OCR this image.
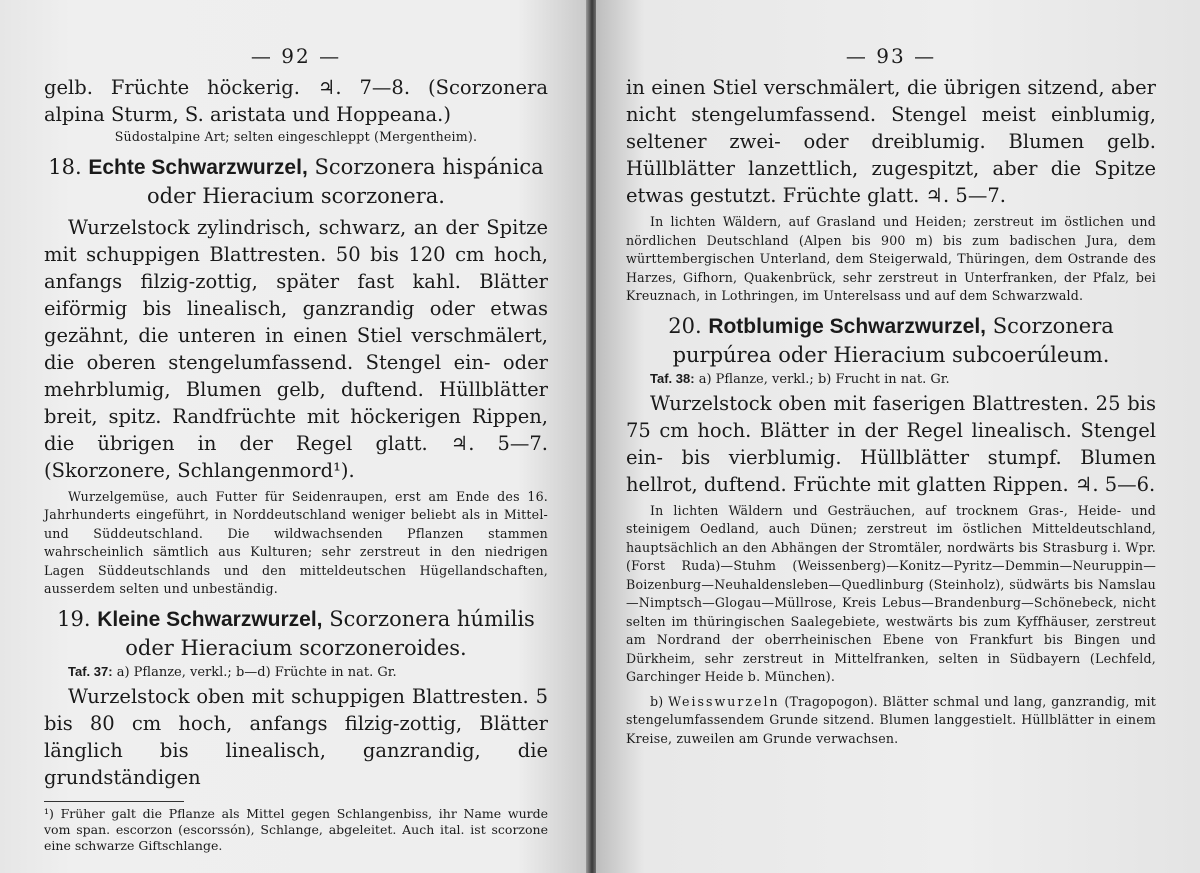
— 92 —

gelb. Früchte höckerig. ♃. 7—8. (Scorzonera alpina Sturm, S. aristata und Hoppeana.)

Südostalpine Art; selten eingeschleppt (Mergentheim).

18. Echte Schwarzwurzel, Scorzonera hispánica oder Hieracium scorzonera.

Wurzelstock zylindrisch, schwarz, an der Spitze mit schuppigen Blattresten. 50 bis 120 cm hoch, anfangs filzig-zottig, später fast kahl. Blätter eiförmig bis linealisch, ganzrandig oder etwas gezähnt, die unteren in einen Stiel verschmälert, die oberen stengelumfassend. Stengel ein- oder mehrblumig, Blumen gelb, duftend. Hüllblätter breit, spitz. Randfrüchte mit höckerigen Rippen, die übrigen in der Regel glatt. ♃. 5—7. (Skorzonere, Schlangenmord¹).

Wurzelgemüse, auch Futter für Seidenraupen, erst am Ende des 16. Jahrhunderts eingeführt, in Norddeutschland weniger beliebt als in Mittel- und Süddeutschland. Die wildwachsenden Pflanzen stammen wahrscheinlich sämtlich aus Kulturen; sehr zerstreut in den niedrigen Lagen Süddeutschlands und den mitteldeutschen Hügellandschaften, ausserdem selten und unbeständig.

19. Kleine Schwarzwurzel, Scorzonera húmilis oder Hieracium scorzoneroides.

Taf. 37: a) Pflanze, verkl.; b—d) Früchte in nat. Gr.

Wurzelstock oben mit schuppigen Blattresten. 5 bis 80 cm hoch, anfangs filzig-zottig, Blätter länglich bis linealisch, ganzrandig, die grundständigen

¹) Früher galt die Pflanze als Mittel gegen Schlangenbiss, ihr Name wurde vom span. escorzon (escorssón), Schlange, abgeleitet. Auch ital. ist scorzone eine schwarze Giftschlange.

— 93 —

in einen Stiel verschmälert, die übrigen sitzend, aber nicht stengelumfassend. Stengel meist einblumig, seltener zwei- oder dreiblumig. Blumen gelb. Hüllblätter lanzettlich, zugespitzt, aber die Spitze etwas gestutzt. Früchte glatt. ♃. 5—7.

In lichten Wäldern, auf Grasland und Heiden; zerstreut im östlichen und nördlichen Deutschland (Alpen bis 900 m) bis zum badischen Jura, dem württembergischen Unterland, dem Steigerwald, Thüringen, dem Ostrande des Harzes, Gifhorn, Quakenbrück, sehr zerstreut in Unterfranken, der Pfalz, bei Kreuznach, in Lothringen, im Unterelsass und auf dem Schwarzwald.

20. Rotblumige Schwarzwurzel, Scorzonera purpúrea oder Hieracium subcoerúleum.

Taf. 38: a) Pflanze, verkl.; b) Frucht in nat. Gr.

Wurzelstock oben mit faserigen Blattresten. 25 bis 75 cm hoch. Blätter in der Regel linealisch. Stengel ein- bis vierblumig. Hüllblätter stumpf. Blumen hellrot, duftend. Früchte mit glatten Rippen. ♃. 5—6.

In lichten Wäldern und Gesträuchen, auf trocknem Gras-, Heide- und steinigem Oedland, auch Dünen; zerstreut im östlichen Mitteldeutschland, hauptsächlich an den Abhängen der Stromtäler, nordwärts bis Strasburg i. Wpr. (Forst Ruda)—Stuhm (Weissenberg)—Konitz—Pyritz—Demmin—Neuruppin—Boizenburg—Neuhaldensleben—Quedlinburg (Steinholz), südwärts bis Namslau—Nimptsch—Glogau—Müllrose, Kreis Lebus—Brandenburg—Schönebeck, nicht selten im thüringischen Saalegebiete, westwärts bis zum Kyffhäuser, zerstreut am Nordrand der oberrheinischen Ebene von Frankfurt bis Bingen und Dürkheim, sehr zerstreut in Mittelfranken, selten in Südbayern (Lechfeld, Garchinger Heide b. München).

b) Weisswurzeln (Tragopogon). Blätter schmal und lang, ganzrandig, mit stengelumfassendem Grunde sitzend. Blumen langgestielt. Hüllblätter in einem Kreise, zuweilen am Grunde verwachsen.
